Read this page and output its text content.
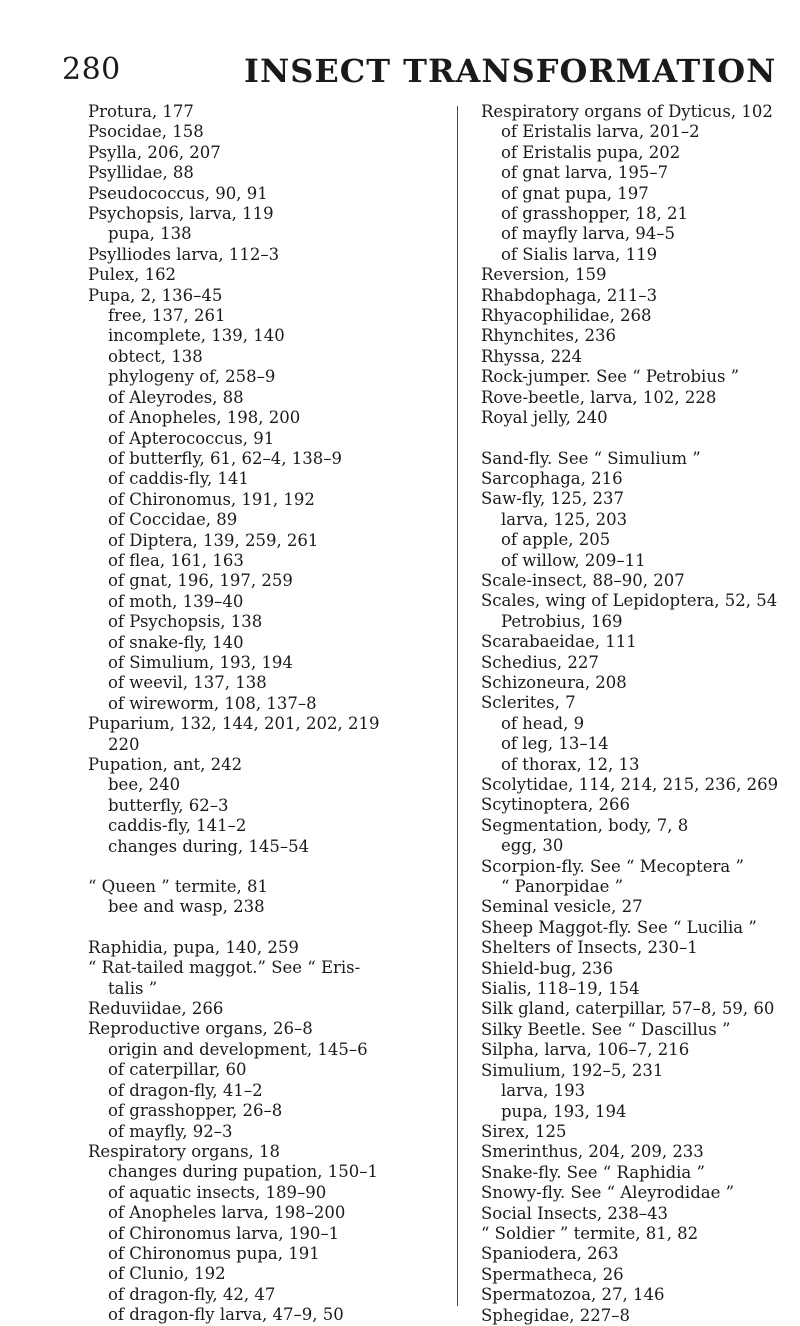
280	INSECT TRANSFORMATION
Protura, 177
Psocidae, 158
Psylla, 206, 207
Psyllidae, 88
Pseudococcus, 90, 91
Psychopsis, larva, 119
pupa, 138
Psylliodes larva, 112–3
Pulex, 162
Pupa, 2, 136–45
free, 137, 261
incomplete, 139, 140
obtect, 138
phylogeny of, 258–9
of Aleyrodes, 88
of Anopheles, 198, 200
of Apterococcus, 91
of butterfly, 61, 62–4, 138–9
of caddis-fly, 141
of Chironomus, 191, 192
of Coccidae, 89
of Diptera, 139, 259, 261
of flea, 161, 163
of gnat, 196, 197, 259
of moth, 139–40
of Psychopsis, 138
of snake-fly, 140
of Simulium, 193, 194
of weevil, 137, 138
of wireworm, 108, 137–8
Puparium, 132, 144, 201, 202, 219
220
Pupation, ant, 242
bee, 240
butterfly, 62–3
caddis-fly, 141–2
changes during, 145–54
“ Queen ” termite, 81
bee and wasp, 238
Raphidia, pupa, 140, 259
“ Rat-tailed maggot.” See “ Eris-
talis ”
Reduviidae, 266
Reproductive organs, 26–8
origin and development, 145–6
of caterpillar, 60
of dragon-fly, 41–2
of grasshopper, 26–8
of mayfly, 92–3
Respiratory organs, 18
changes during pupation, 150–1
of aquatic insects, 189–90
of Anopheles larva, 198–200
of Chironomus larva, 190–1
of Chironomus pupa, 191
of Clunio, 192
of dragon-fly, 42, 47
of dragon-fly larva, 47–9, 50
Respiratory organs of Dyticus, 102
of Eristalis larva, 201–2
of Eristalis pupa, 202
of gnat larva, 195–7
of gnat pupa, 197
of grasshopper, 18, 21
of mayfly larva, 94–5
of Sialis larva, 119
Reversion, 159
Rhabdophaga, 211–3
Rhyacophilidae, 268
Rhynchites, 236
Rhyssa, 224
Rock-jumper. See “ Petrobius ”
Rove-beetle, larva, 102, 228
Royal jelly, 240
Sand-fly. See “ Simulium ”
Sarcophaga, 216
Saw-fly, 125, 237
larva, 125, 203
of apple, 205
of willow, 209–11
Scale-insect, 88–90, 207
Scales, wing of Lepidoptera, 52, 54
Petrobius, 169
Scarabaeidae, 111
Schedius, 227
Schizoneura, 208
Sclerites, 7
of head, 9
of leg, 13–14
of thorax, 12, 13
Scolytidae, 114, 214, 215, 236, 269
Scytinoptera, 266
Segmentation, body, 7, 8
egg, 30
Scorpion-fly. See “ Mecoptera ”
“ Panorpidae ”
Seminal vesicle, 27
Sheep Maggot-fly. See “ Lucilia ”
Shelters of Insects, 230–1
Shield-bug, 236
Sialis, 118–19, 154
Silk gland, caterpillar, 57–8, 59, 60
Silky Beetle. See “ Dascillus ”
Silpha, larva, 106–7, 216
Simulium, 192–5, 231
larva, 193
pupa, 193, 194
Sirex, 125
Smerinthus, 204, 209, 233
Snake-fly. See “ Raphidia ”
Snowy-fly. See “ Aleyrodidae ”
Social Insects, 238–43
“ Soldier ” termite, 81, 82
Spaniodera, 263
Spermatheca, 26
Spermatozoa, 27, 146
Sphegidae, 227–8
